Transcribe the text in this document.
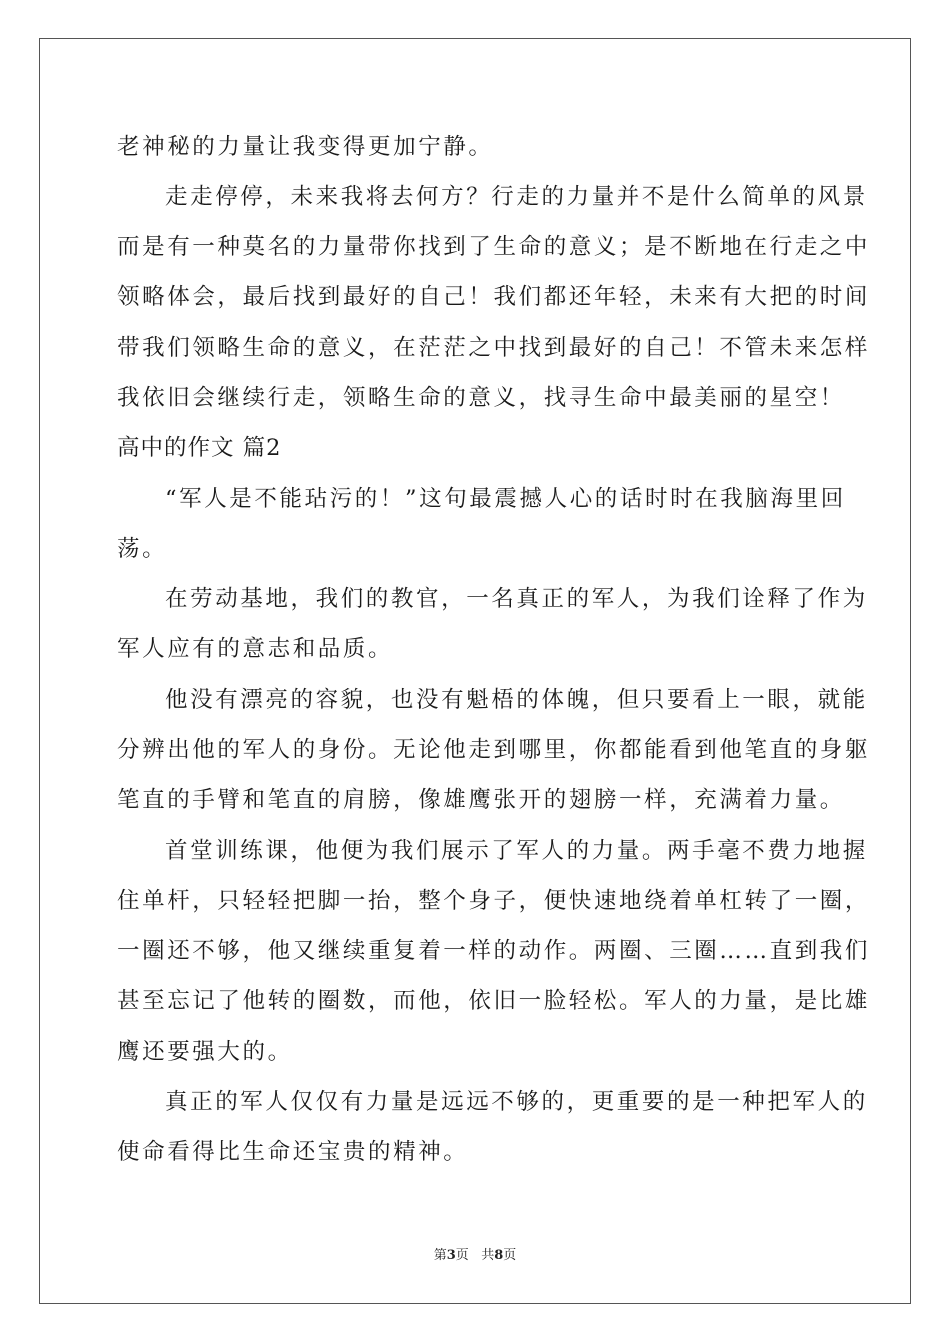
老神秘的力量让我变得更加宁静。
走走停停，未来我将去何方？行走的力量并不是什么简单的风景
而是有一种莫名的力量带你找到了生命的意义；是不断地在行走之中
领略体会，最后找到最好的自己！我们都还年轻，未来有大把的时间
带我们领略生命的意义，在茫茫之中找到最好的自己！不管未来怎样
我依旧会继续行走，领略生命的意义，找寻生命中最美丽的星空！
高中的作文 篇2
“军人是不能玷污的！”这句最震撼人心的话时时在我脑海里回
荡。
在劳动基地，我们的教官，一名真正的军人，为我们诠释了作为
军人应有的意志和品质。
他没有漂亮的容貌，也没有魁梧的体魄，但只要看上一眼，就能
分辨出他的军人的身份。无论他走到哪里，你都能看到他笔直的身躯
笔直的手臂和笔直的肩膀，像雄鹰张开的翅膀一样，充满着力量。
首堂训练课，他便为我们展示了军人的力量。两手毫不费力地握
住单杆，只轻轻把脚一抬，整个身子，便快速地绕着单杠转了一圈，
一圈还不够，他又继续重复着一样的动作。两圈、三圈……直到我们
甚至忘记了他转的圈数，而他，依旧一脸轻松。军人的力量，是比雄
鹰还要强大的。
真正的军人仅仅有力量是远远不够的，更重要的是一种把军人的
使命看得比生命还宝贵的精神。
第3页 共8页
